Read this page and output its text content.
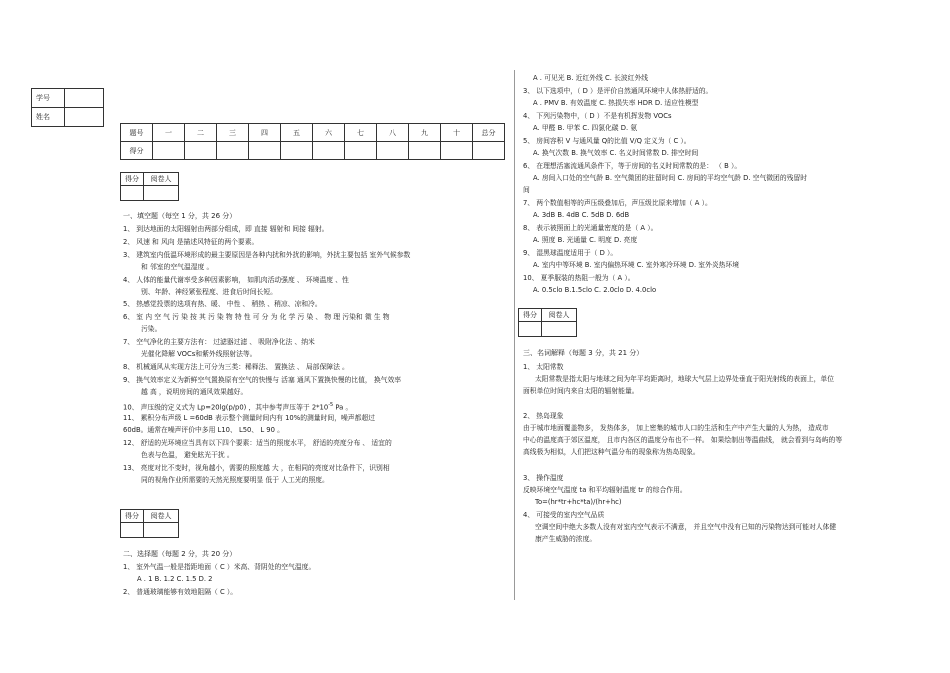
学号	
姓名	
题号	一	二	三	四	五	六	七	八	九	十	总分
得分											
得分	阅卷人

一、填空题（每空 1 分，共 26 分）
1、 到达地面的太阳辐射由两部分组成，即 直接 辐射和 间接 辐射。
2、 风速 和 风向 是描述风特征的两个要素。
3、 建筑室内低温环境形成的最主要原因是各种内扰和外扰的影响，外扰主要包括 室外气候参数
和 邻室的空气温湿度 。
4、 人体的能量代谢率受多种因素影响， 如肌肉活动强度 、 环境温度 、性
别、年龄、神经紧张程度、进食后时间长短。
5、 热感觉投票的选项有热、暖、 中性 、 稍热 、稍凉、凉和冷。
6、 室 内 空 气 污 染 按 其 污 染 物 特 性 可 分 为 化 学 污 染 、 物 理 污染和 微 生 物
污染。
7、 空气净化的主要方法有： 过滤器过滤 、 吸附净化法 、纳米
光催化降解 VOCs和紫外线照射法等。
8、 机械通风从实现方法上可分为三类：稀释法、 置换法 、 局部保障法 。
9、 换气效率定义为新鲜空气置换原有空气的快慢与 活塞 通风下置换快慢的比值， 换气效率
越 高 ，说明房间的通风效果越好。
10、 声压级的定义式为 Lp=20lg(p/p0) ，其中参考声压等于 $2*10^{-5}$ Pa 。
11、 累积分布声级 L =60dB 表示整个测量时间内有 10%的测量时间，噪声都超过
60dB。通常在噪声评价中多用 L10、 L50、 L 90 。
12、 舒适的光环境应当具有以下四个要素：适当的照度水平， 舒适的亮度分布 、 适宜的
色表与色温， 避免眩光干扰 。
13、 亮度对比不变时，视角越小，需要的照度越 大 ，在相同的亮度对比条件下，识别相
同的视角作业所需要的天然光照度要明显 低于 人工光的照度。
二、选择题（每题 2 分，共 20 分）
1、 室外气温一般是指距地面（ C ）米高、背阴处的空气温度。
A . 1 B. 1.2 C. 1.5 D. 2
2、 普通玻璃能够有效地阻隔（ C ）。
得分	阅卷人

A . 可见光 B. 近红外线 C. 长波红外线
3、 以下选项中，（ D ）是评价自然通风环境中人体热舒适的。
A . PMV B. 有效温度 C. 热损失率 HDR D. 适应性模型
4、 下列污染物中，（ D ）不是有机挥发物 VOCs
A. 甲醛 B. 甲苯 C. 四氯化碳 D. 氨
5、 房间容积 V 与通风量 Q的比值 V/Q 定义为（ C ）。
A. 换气次数 B. 换气效率 C. 名义时间常数 D. 排空时间
6、 在理想活塞流通风条件下，等于房间的名义时间常数的是： （ B ）。
A. 房间入口处的空气龄 B. 空气微团的驻留时间 C. 房间的平均空气龄 D. 空气微团的残留时
间
7、 两个数值相等的声压级叠加后，声压级比原来增加（ A ）。
A. 3dB B. 4dB C. 5dB D. 6dB
8、 表示被照面上的光通量密度的是（ A ）。
A. 照度 B. 光通量 C. 明度 D. 亮度
9、 湿黑球温度适用于（ D ）。
A. 室内中等环境 B. 室内偏热环境 C. 室外寒冷环境 D. 室外炎热环境
10、 夏季服装的热阻一般为（ A ）。
A. 0.5clo B.1.5clo C. 2.0clo D. 4.0clo
三、名词解释（每题 3 分，共 21 分）
1、 太阳常数
太阳常数是指太阳与地球之间为年平均距离时，地球大气层上边界处垂直于阳光射线的表面上，单位
面积单位时间内来自太阳的辐射能量。
2、 热岛现象
由于城市地面覆盖物多， 发热体多， 加上密集的城市人口的生活和生产中产生大量的人为热， 造成市
中心的温度高于郊区温度， 且市内各区的温度分布也不一样。 如果绘制出等温曲线， 就会看到与岛屿的等
高线极为相似，人们把这种气温分布的现象称为热岛现象。
3、 操作温度
反映环境空气温度 ta 和平均辐射温度 tr 的综合作用。
To=(hr*tr+hc*ta)/(hr+hc)
4、 可接受的室内空气品质
空调空间中绝大多数人没有对室内空气表示不满意， 并且空气中没有已知的污染物达到可能对人体健
康产生威胁的浓度。
得分	阅卷人
